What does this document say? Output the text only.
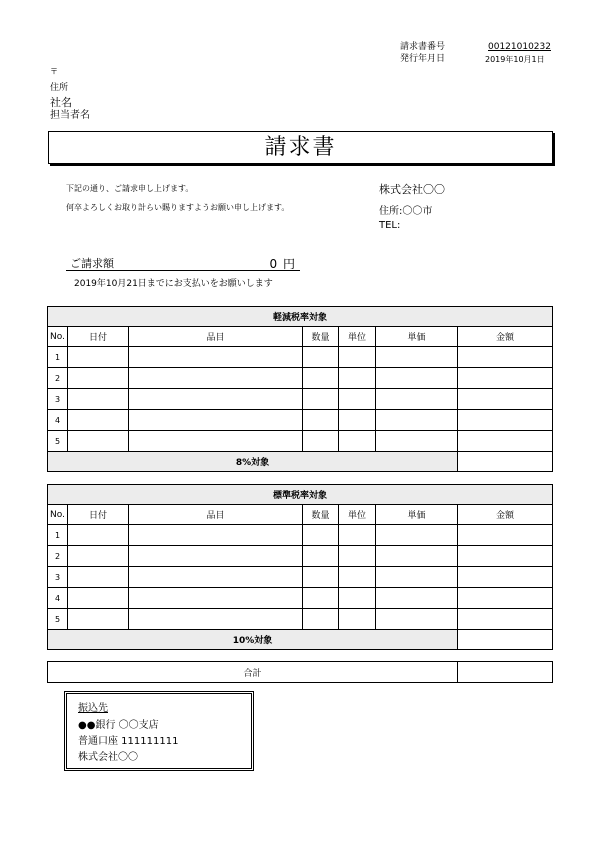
請求書番号	00121010232
発行年月日	2019年10月1日
〒
住所
社名
担当者名
請求書
下記の通り、ご請求申し上げます。
何卒よろしくお取り計らい賜りますようお願い申し上げます。
株式会社〇〇
住所:〇〇市
TEL:
ご請求額	0 円
2019年10月21日までにお支払いをお願いします
軽減税率対象						
No.	日付	品目	数量	単位	単価	金額
1						
2						
3						
4						
5						
8%対象						
標準税率対象						
No.	日付	品目	数量	単位	単価	金額
1						
2						
3						
4						
5						
10%対象						
合計	
振込先
●●銀行 〇〇支店
普通口座 111111111
株式会社〇〇
